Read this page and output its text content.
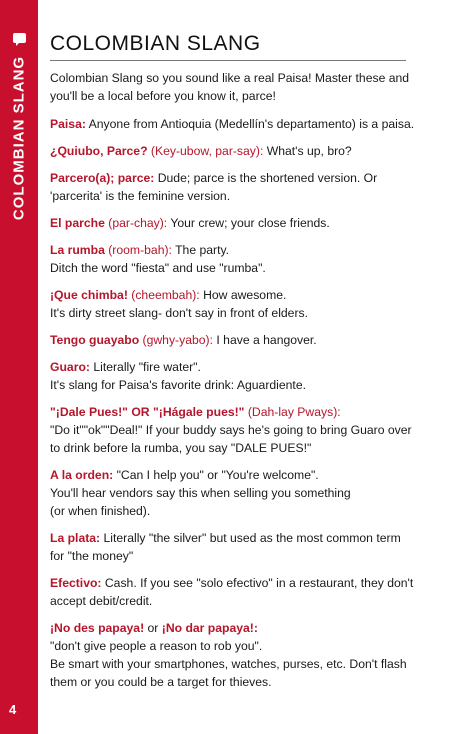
COLOMBIAN SLANG
4
COLOMBIAN SLANG
Colombian Slang so you sound like a real Paisa! Master these and you'll be a local before you know it, parce!

Paisa: Anyone from Antioquia (Medellín's departamento) is a paisa.

¿Quiubo, Parce? (Key-ubow, par-say): What's up, bro?

Parcero(a); parce: Dude; parce is the shortened version. Or 'parcerita' is the feminine version.

El parche (par-chay): Your crew; your close friends.

La rumba (room-bah): The party.

Ditch the word "fiesta" and use "rumba".

¡Que chimba! (cheembah): How awesome.

It's dirty street slang- don't say in front of elders.

Tengo guayabo (gwhy-yabo): I have a hangover.

Guaro: Literally "fire water".

It's slang for Paisa's favorite drink: Aguardiente.

"¡Dale Pues!" OR "¡Hágale pues!" (Dah-lay Pways):

"Do it""ok""Deal!" If your buddy says he's going to bring Guaro over to drink before la rumba, you say "DALE PUES!"

A la orden: "Can I help you" or "You're welcome".

You'll hear vendors say this when selling you something

(or when finished).

La plata: Literally "the silver" but used as the most common term for "the money"

Efectivo: Cash. If you see "solo efectivo" in a restaurant, they don't accept debit/credit.

¡No des papaya! or ¡No dar papaya!:

"don't give people a reason to rob you".

Be smart with your smartphones, watches, purses, etc. Don't flash them or you could be a target for thieves.
